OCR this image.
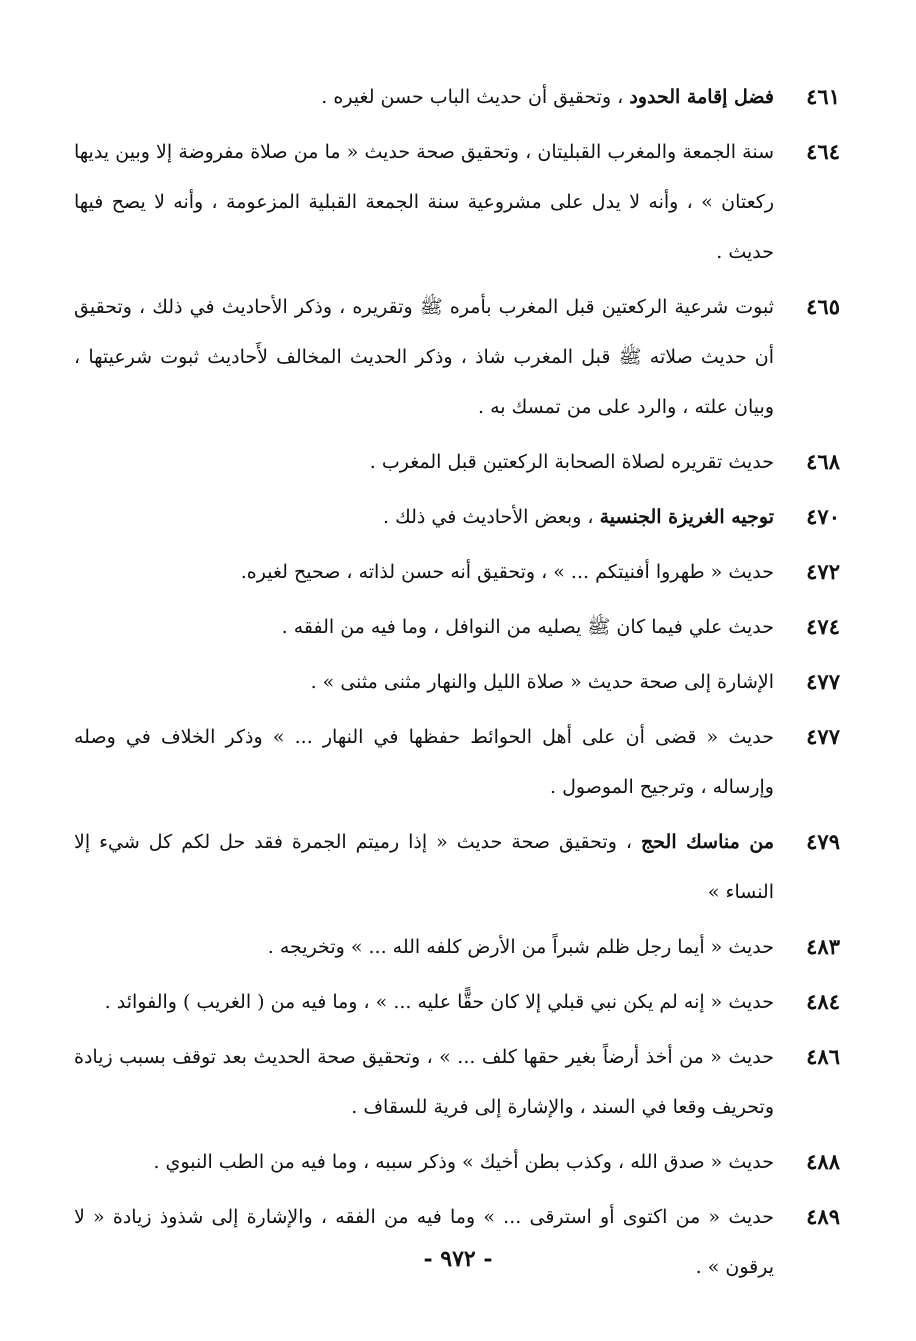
٤٦١
فضل إقامة الحدود ، وتحقيق أن حديث الباب حسن لغيره .
٤٦٤
سنة الجمعة والمغرب القبليتان ، وتحقيق صحة حديث « ما من صلاة مفروضة إلا وبين يديها ركعتان » ، وأنه لا يدل على مشروعية سنة الجمعة القبلية المزعومة ، وأنه لا يصح فيها حديث .
٤٦٥
ثبوت شرعية الركعتين قبل المغرب بأمره ﷺ وتقريره ، وذكر الأحاديث في ذلك ، وتحقيق أن حديث صلاته ﷺ قبل المغرب شاذ ، وذكر الحديث المخالف لأَحاديث ثبوت شرعيتها ، وبيان علته ، والرد على من تمسك به .
٤٦٨
حديث تقريره لصلاة الصحابة الركعتين قبل المغرب .
٤٧٠
توجيه الغريزة الجنسية ، وبعض الأحاديث في ذلك .
٤٧٢
حديث « طهروا أفنيتكم ... » ، وتحقيق أنه حسن لذاته ، صحيح لغيره.
٤٧٤
حديث علي فيما كان ﷺ يصليه من النوافل ، وما فيه من الفقه .
٤٧٧
الإشارة إلى صحة حديث « صلاة الليل والنهار مثنى مثنى » .
٤٧٧
حديث « قضى أن على أهل الحوائط حفظها في النهار ... » وذكر الخلاف في وصله وإرساله ، وترجيح الموصول .
٤٧٩
من مناسك الحج ، وتحقيق صحة حديث « إذا رميتم الجمرة فقد حل لكم كل شيء إلا النساء »
٤٨٣
حديث « أيما رجل ظلم شبراً من الأرض كلفه الله ... » وتخريجه .
٤٨٤
حديث « إنه لم يكن نبي قبلي إلا كان حقًّا عليه ... » ، وما فيه من ( الغريب ) والفوائد .
٤٨٦
حديث « من أخذ أرضاً بغير حقها كلف ... » ، وتحقيق صحة الحديث بعد توقف بسبب زيادة وتحريف وقعا في السند ، والإشارة إلى فرية للسقاف .
٤٨٨
حديث « صدق الله ، وكذب بطن أخيك » وذكر سببه ، وما فيه من الطب النبوي .
٤٨٩
حديث « من اكتوى أو استرقى ... » وما فيه من الفقه ، والإشارة إلى شذوذ زيادة « لا يرقون » .
- ٩٧٢ -
